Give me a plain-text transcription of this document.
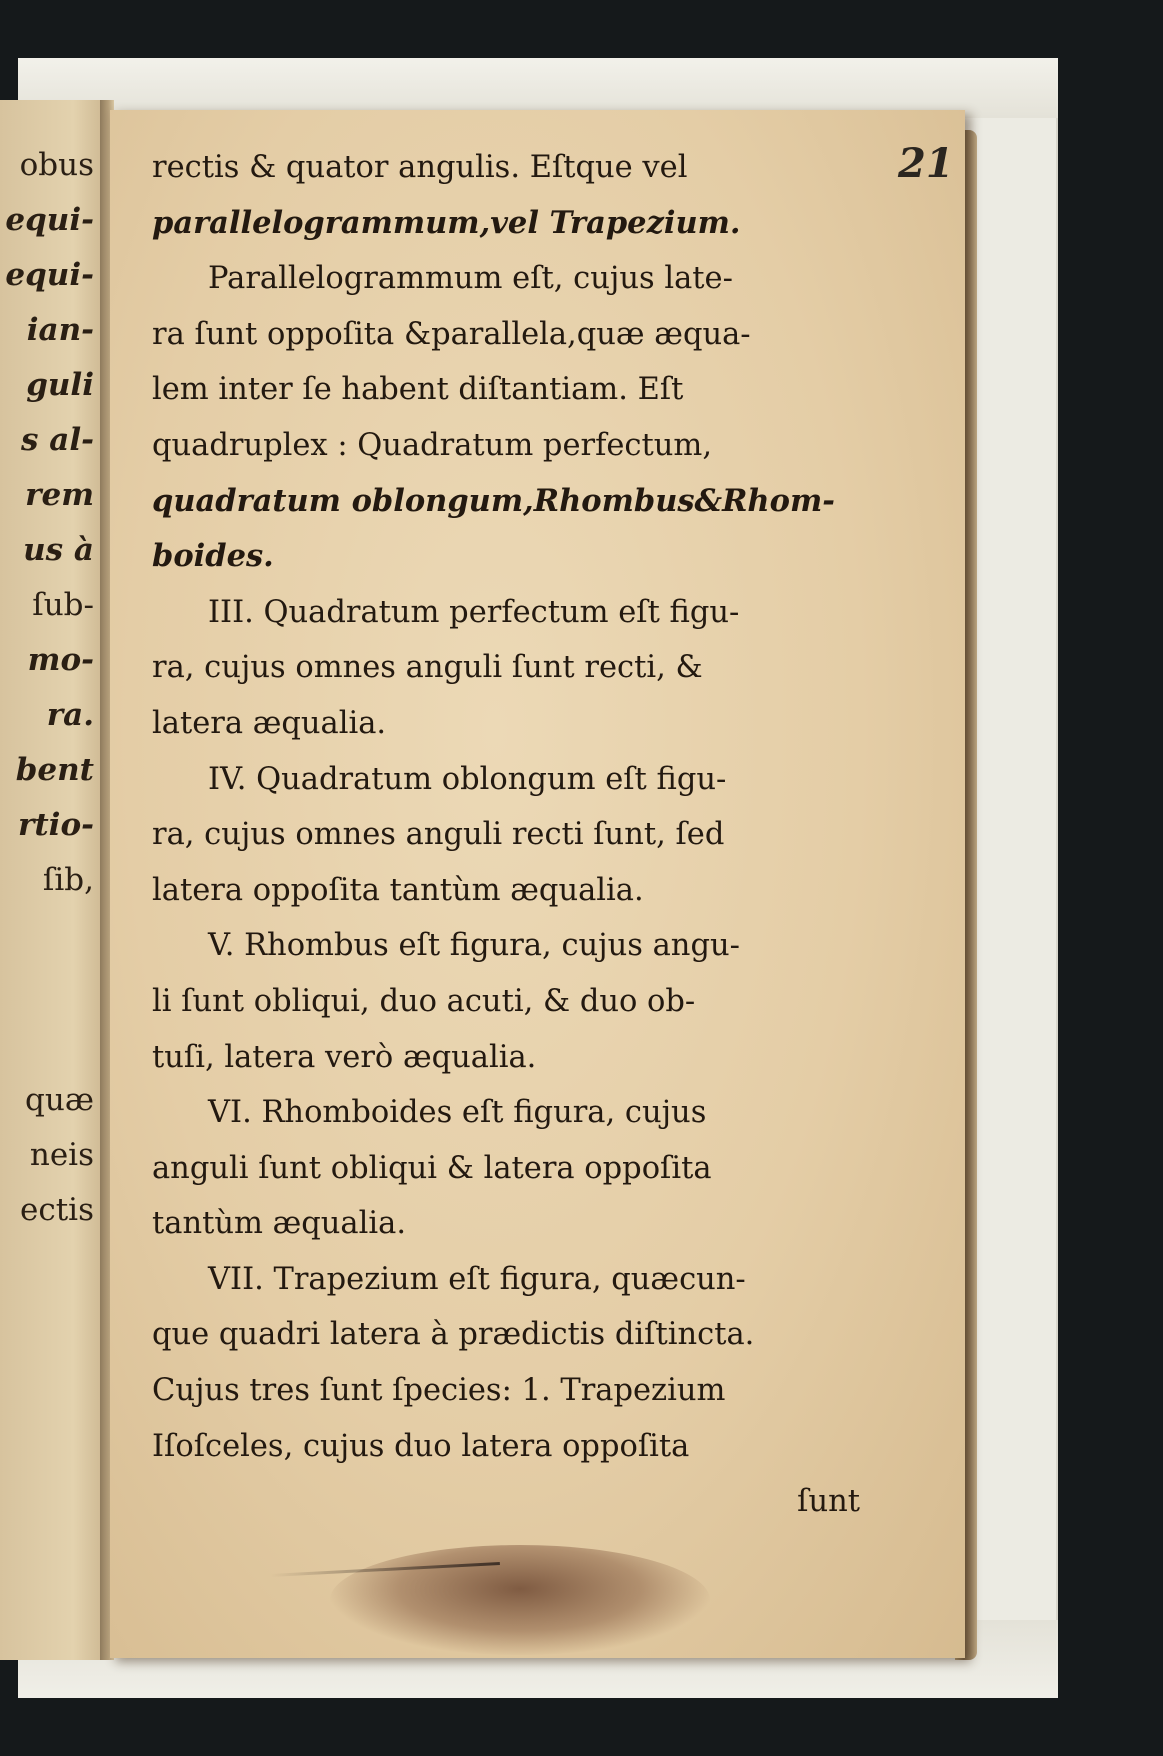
obus
equi-
equi-
ian-
guli
s al-
rem
us à
ſub-
mo-
ra.
bent
rtio-
ſib,
quæ
neis
ectis
21
rectis & quator angulis. Eſtque vel
parallelogrammum,vel Trapezium.
Parallelogrammum eſt, cujus late-
ra ſunt oppoſita &parallela,quæ æqua-
lem inter ſe habent diſtantiam. Eſt
quadruplex : Quadratum perfectum,
quadratum oblongum,Rhombus&Rhom-
boides.
III. Quadratum perfectum eſt figu-
ra, cujus omnes anguli ſunt recti, &
latera æqualia.
IV. Quadratum oblongum eſt figu-
ra, cujus omnes anguli recti ſunt, ſed
latera oppoſita tantùm æqualia.
V. Rhombus eſt figura, cujus angu-
li ſunt obliqui, duo acuti, & duo ob-
tuſi, latera verò æqualia.
VI. Rhomboides eſt figura, cujus
anguli ſunt obliqui & latera oppoſita
tantùm æqualia.
VII. Trapezium eſt figura, quæcun-
que quadri latera à prædictis diſtincta.
Cujus tres ſunt ſpecies: 1. Trapezium
Iſoſceles, cujus duo latera oppoſita
ſunt
